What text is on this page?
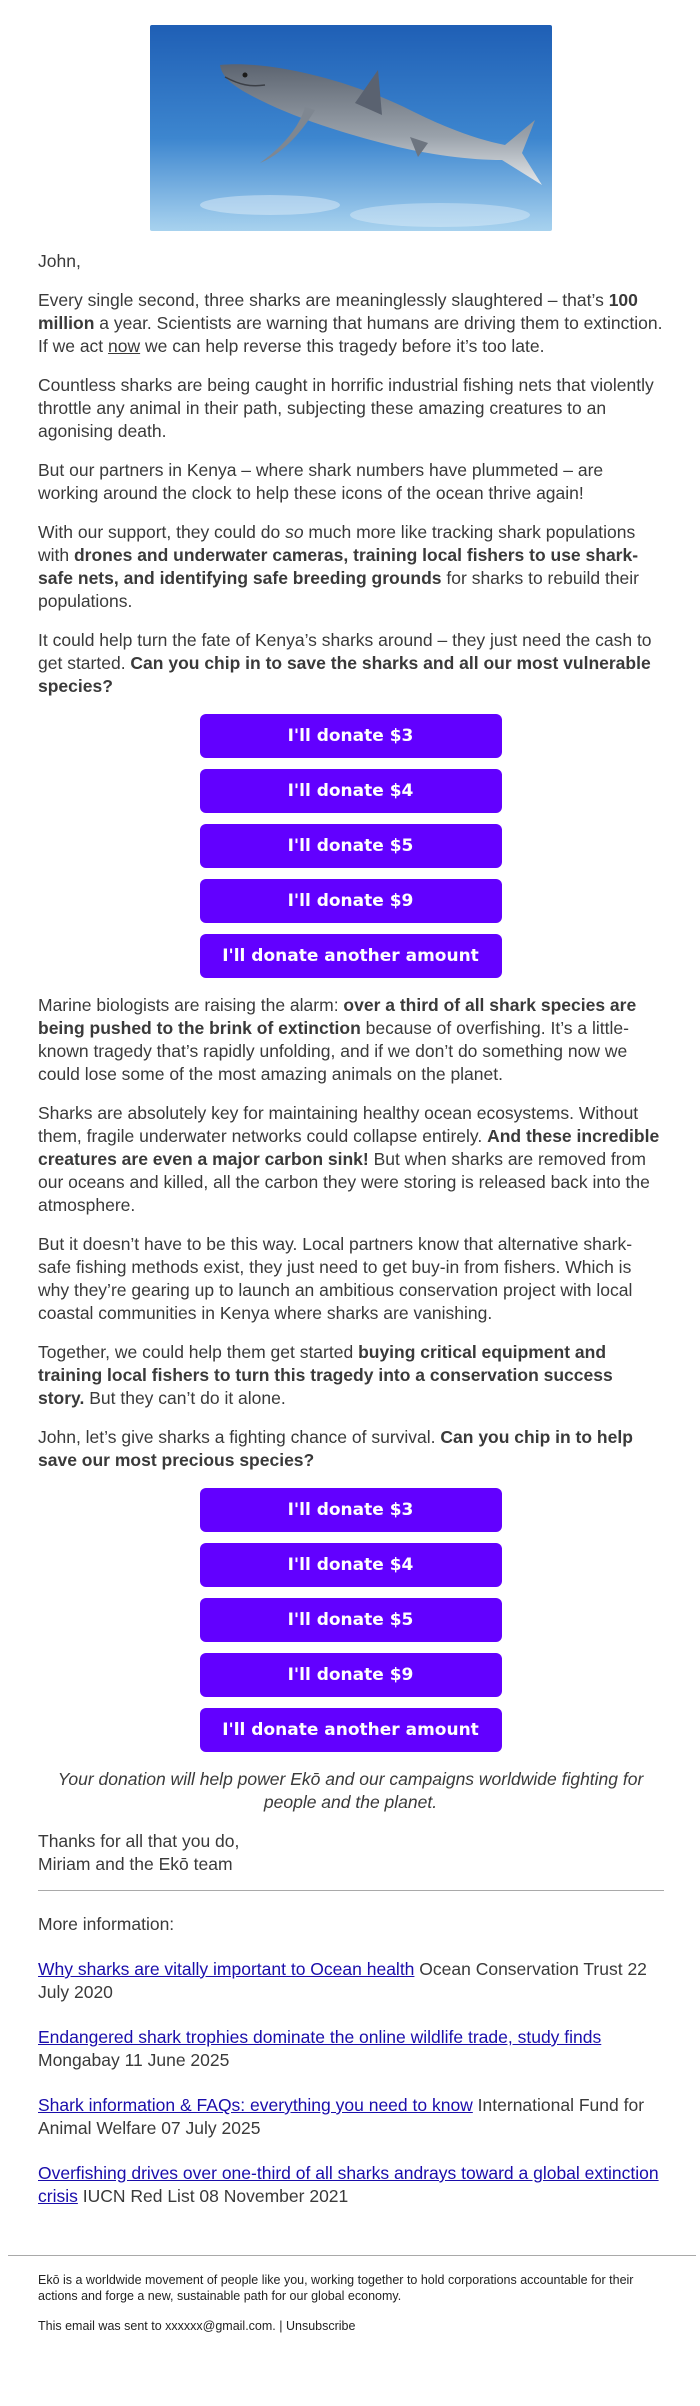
John,

Every single second, three sharks are meaninglessly slaughtered – that’s 100 million a year. Scientists are warning that humans are driving them to extinction. If we act now we can help reverse this tragedy before it’s too late.

Countless sharks are being caught in horrific industrial fishing nets that violently throttle any animal in their path, subjecting these amazing creatures to an agonising death.

But our partners in Kenya – where shark numbers have plummeted – are working around the clock to help these icons of the ocean thrive again!

With our support, they could do so much more like tracking shark populations with drones and underwater cameras, training local fishers to use shark-safe nets, and identifying safe breeding grounds for sharks to rebuild their populations.

It could help turn the fate of Kenya’s sharks around – they just need the cash to get started. Can you chip in to save the sharks and all our most vulnerable species?

I'll donate $3
I'll donate $4
I'll donate $5
I'll donate $9
I'll donate another amount

Marine biologists are raising the alarm: over a third of all shark species are being pushed to the brink of extinction because of overfishing. It’s a little-known tragedy that’s rapidly unfolding, and if we don’t do something now we could lose some of the most amazing animals on the planet.

Sharks are absolutely key for maintaining healthy ocean ecosystems. Without them, fragile underwater networks could collapse entirely. And these incredible creatures are even a major carbon sink! But when sharks are removed from our oceans and killed, all the carbon they were storing is released back into the atmosphere.

But it doesn’t have to be this way. Local partners know that alternative shark-safe fishing methods exist, they just need to get buy-in from fishers. Which is why they’re gearing up to launch an ambitious conservation project with local coastal communities in Kenya where sharks are vanishing.

Together, we could help them get started buying critical equipment and training local fishers to turn this tragedy into a conservation success story. But they can’t do it alone.

John, let’s give sharks a fighting chance of survival. Can you chip in to help save our most precious species?

I'll donate $3
I'll donate $4
I'll donate $5
I'll donate $9
I'll donate another amount

Your donation will help power Ekō and our campaigns worldwide fighting for people and the planet.

Thanks for all that you do,
Miriam and the Ekō team

More information:

Why sharks are vitally important to Ocean health Ocean Conservation Trust 22 July 2020

Endangered shark trophies dominate the online wildlife trade, study finds Mongabay 11 June 2025

Shark information & FAQs: everything you need to know International Fund for Animal Welfare 07 July 2025

Overfishing drives over one-third of all sharks andrays toward a global extinction crisis IUCN Red List 08 November 2021

Ekō is a worldwide movement of people like you, working together to hold corporations accountable for their actions and forge a new, sustainable path for our global economy.

This email was sent to xxxxxx@gmail.com. | Unsubscribe
